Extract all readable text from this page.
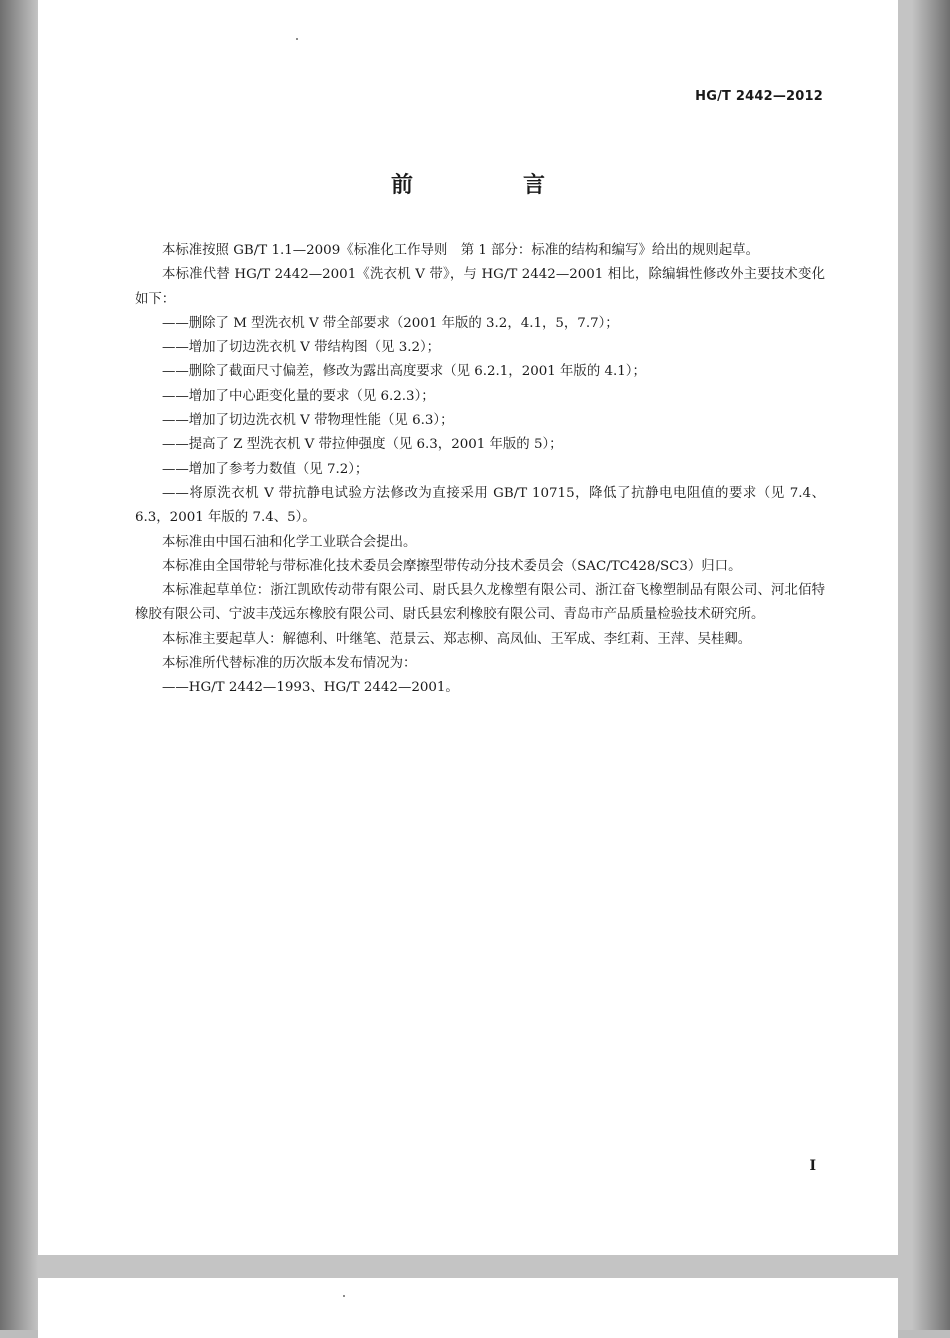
HG/T 2442—2012
前　言

本标准按照 GB/T 1.1—2009《标准化工作导则　第 1 部分：标准的结构和编写》给出的规则起草。

本标准代替 HG/T 2442—2001《洗衣机 V 带》，与 HG/T 2442—2001 相比，除编辑性修改外主要技术变化如下：

——删除了 M 型洗衣机 V 带全部要求（2001 年版的 3.2，4.1，5，7.7）；

——增加了切边洗衣机 V 带结构图（见 3.2）；

——删除了截面尺寸偏差，修改为露出高度要求（见 6.2.1，2001 年版的 4.1）；

——增加了中心距变化量的要求（见 6.2.3）；

——增加了切边洗衣机 V 带物理性能（见 6.3）；

——提高了 Z 型洗衣机 V 带拉伸强度（见 6.3，2001 年版的 5）；

——增加了参考力数值（见 7.2）；

——将原洗衣机 V 带抗静电试验方法修改为直接采用 GB/T 10715，降低了抗静电电阻值的要求（见 7.4、6.3，2001 年版的 7.4、5）。

本标准由中国石油和化学工业联合会提出。

本标准由全国带轮与带标准化技术委员会摩擦型带传动分技术委员会（SAC/TC428/SC3）归口。

本标准起草单位：浙江凯欧传动带有限公司、尉氏县久龙橡塑有限公司、浙江奋飞橡塑制品有限公司、河北佰特橡胶有限公司、宁波丰茂远东橡胶有限公司、尉氏县宏利橡胶有限公司、青岛市产品质量检验技术研究所。

本标准主要起草人：解德利、叶继笔、范景云、郑志柳、高凤仙、王军成、李红莉、王萍、吴桂卿。

本标准所代替标准的历次版本发布情况为：

——HG/T 2442—1993、HG/T 2442—2001。

I
